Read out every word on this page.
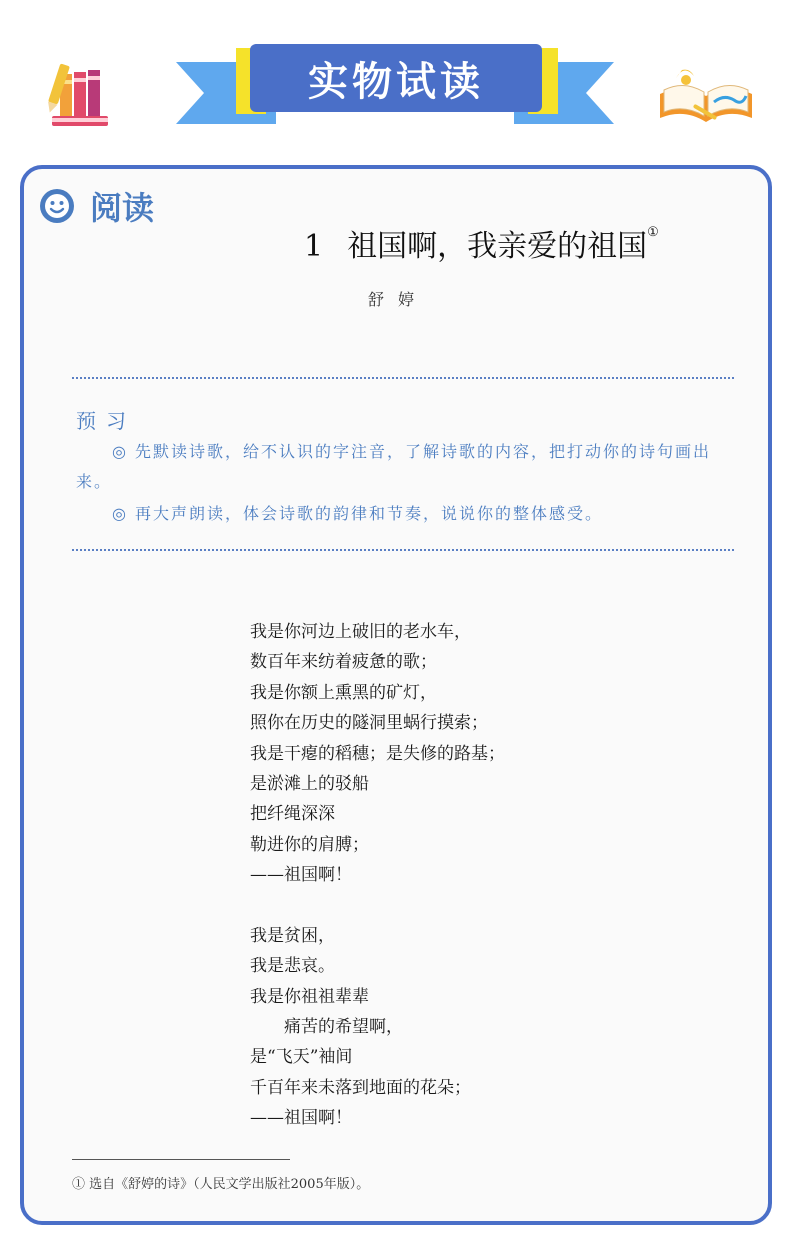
实物试读
阅读
1 祖国啊，我亲爱的祖国①
舒婷
预习
◎ 先默读诗歌，给不认识的字注音，了解诗歌的内容，把打动你的诗句画出来。
◎ 再大声朗读，体会诗歌的韵律和节奏，说说你的整体感受。
我是你河边上破旧的老水车，
数百年来纺着疲惫的歌；
我是你额上熏黑的矿灯，
照你在历史的隧洞里蜗行摸索；
我是干瘪的稻穗；是失修的路基；
是淤滩上的驳船
把纤绳深深
勒进你的肩膊；
——祖国啊！
我是贫困，
我是悲哀。
我是你祖祖辈辈
痛苦的希望啊，
是“飞天”袖间
千百年来未落到地面的花朵；
——祖国啊！
① 选自《舒婷的诗》（人民文学出版社2005年版）。
